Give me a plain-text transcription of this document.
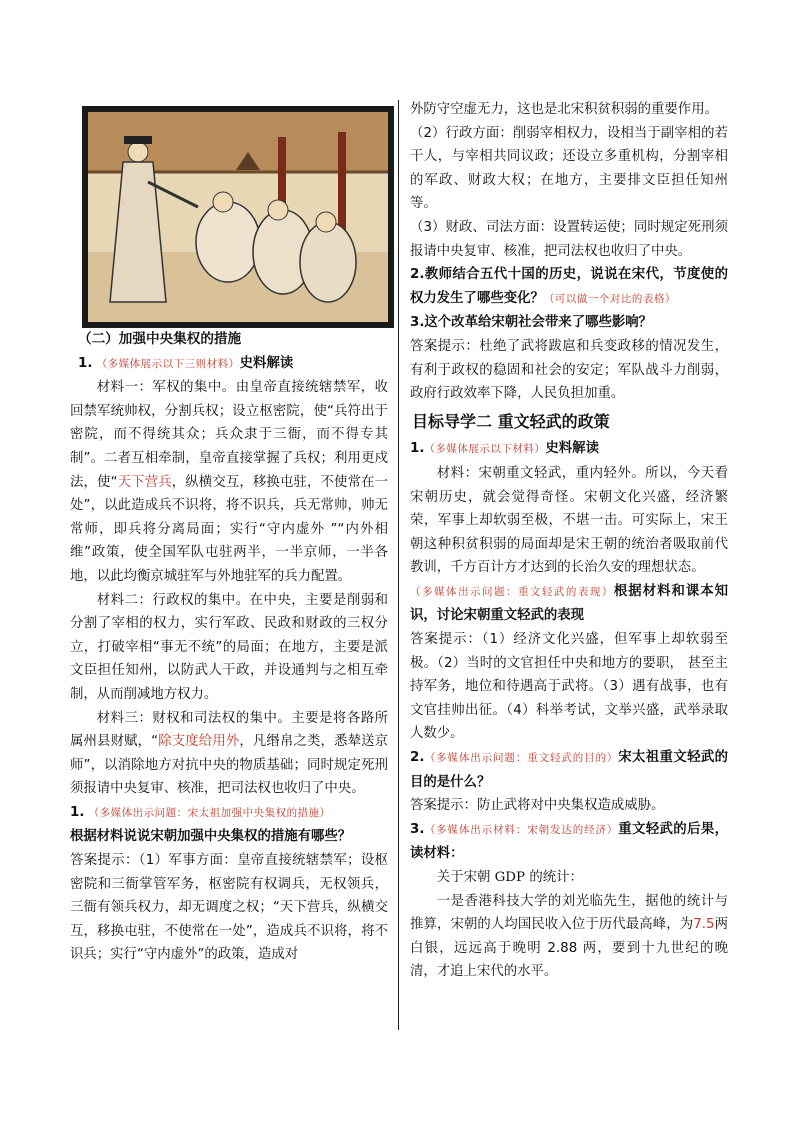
（二）加强中央集权的措施

1. （多媒体展示以下三则材料）史料解读

材料一：军权的集中。由皇帝直接统辖禁军，收回禁军统帅权，分割兵权；设立枢密院，使“兵符出于密院，而不得统其众；兵众隶于三衙，而不得专其制”。二者互相牵制，皇帝直接掌握了兵权；利用更戍法，使“天下营兵，纵横交互，移换屯驻，不使常在一处”，以此造成兵不识将，将不识兵，兵无常帅，帅无常师，即兵将分离局面；实行“守内虚外 ”“内外相维”政策，使全国军队屯驻两半，一半京师，一半各地，以此均衡京城驻军与外地驻军的兵力配置。

材料二：行政权的集中。在中央，主要是削弱和分割了宰相的权力，实行军政、民政和财政的三权分立，打破宰相“事无不统”的局面；在地方，主要是派文臣担任知州，以防武人干政，并设通判与之相互牵制，从而削减地方权力。

材料三：财权和司法权的集中。主要是将各路所属州县财赋，“除支度给用外，凡缗帛之类，悉辇送京师”，以消除地方对抗中央的物质基础；同时规定死刑须报请中央复审、核准，把司法权也收归了中央。

1. （多媒体出示问题：宋太祖加强中央集权的措施）
根据材料说说宋朝加强中央集权的措施有哪些？

答案提示：（1）军事方面：皇帝直接统辖禁军；设枢密院和三衙掌管军务，枢密院有权调兵，无权领兵，三衙有领兵权力，却无调度之权；“天下营兵，纵横交互，移换屯驻，不使常在一处”，造成兵不识将，将不识兵；实行“守内虚外”的政策，造成对

外防守空虚无力，这也是北宋积贫积弱的重要作用。

（2）行政方面：削弱宰相权力，设相当于副宰相的若干人，与宰相共同议政；还设立多重机构，分割宰相的军政、财政大权；在地方，主要排文臣担任知州等。

（3）财政、司法方面：设置转运使；同时规定死刑须报请中央复审、核准，把司法权也收归了中央。

2.教师结合五代十国的历史，说说在宋代，节度使的权力发生了哪些变化？（可以做一个对比的表格）

3.这个改革给宋朝社会带来了哪些影响？

答案提示：杜绝了武将跋扈和兵变政移的情况发生，有利于政权的稳固和社会的安定；军队战斗力削弱，政府行政效率下降，人民负担加重。

目标导学二 重文轻武的政策

1.（多媒体展示以下材料）史料解读

材料：宋朝重文轻武，重内轻外。所以，今天看宋朝历史，就会觉得奇怪。宋朝文化兴盛，经济繁荣，军事上却软弱至极，不堪一击。可实际上，宋王朝这种积贫积弱的局面却是宋王朝的统治者吸取前代教训，千方百计方才达到的长治久安的理想状态。

（多媒体出示问题：重文轻武的表现）根据材料和课本知识，讨论宋朝重文轻武的表现

答案提示：（1）经济文化兴盛，但军事上却软弱至极。（2）当时的文官担任中央和地方的要职， 甚至主持军务，地位和待遇高于武将。（3）遇有战事，也有文官挂帅出征。（4）科举考试，文举兴盛，武举录取人数少。

2.（多媒体出示问题：重文轻武的目的）宋太祖重文轻武的目的是什么？

答案提示：防止武将对中央集权造成威胁。

3.（多媒体出示材料：宋朝发达的经济）重文轻武的后果，读材料：

关于宋朝 GDP 的统计：

一是香港科技大学的刘光临先生，据他的统计与推算，宋朝的人均国民收入位于历代最高峰，为7.5两白银，远远高于晚明 2.88 两，要到十九世纪的晚清，才追上宋代的水平。
